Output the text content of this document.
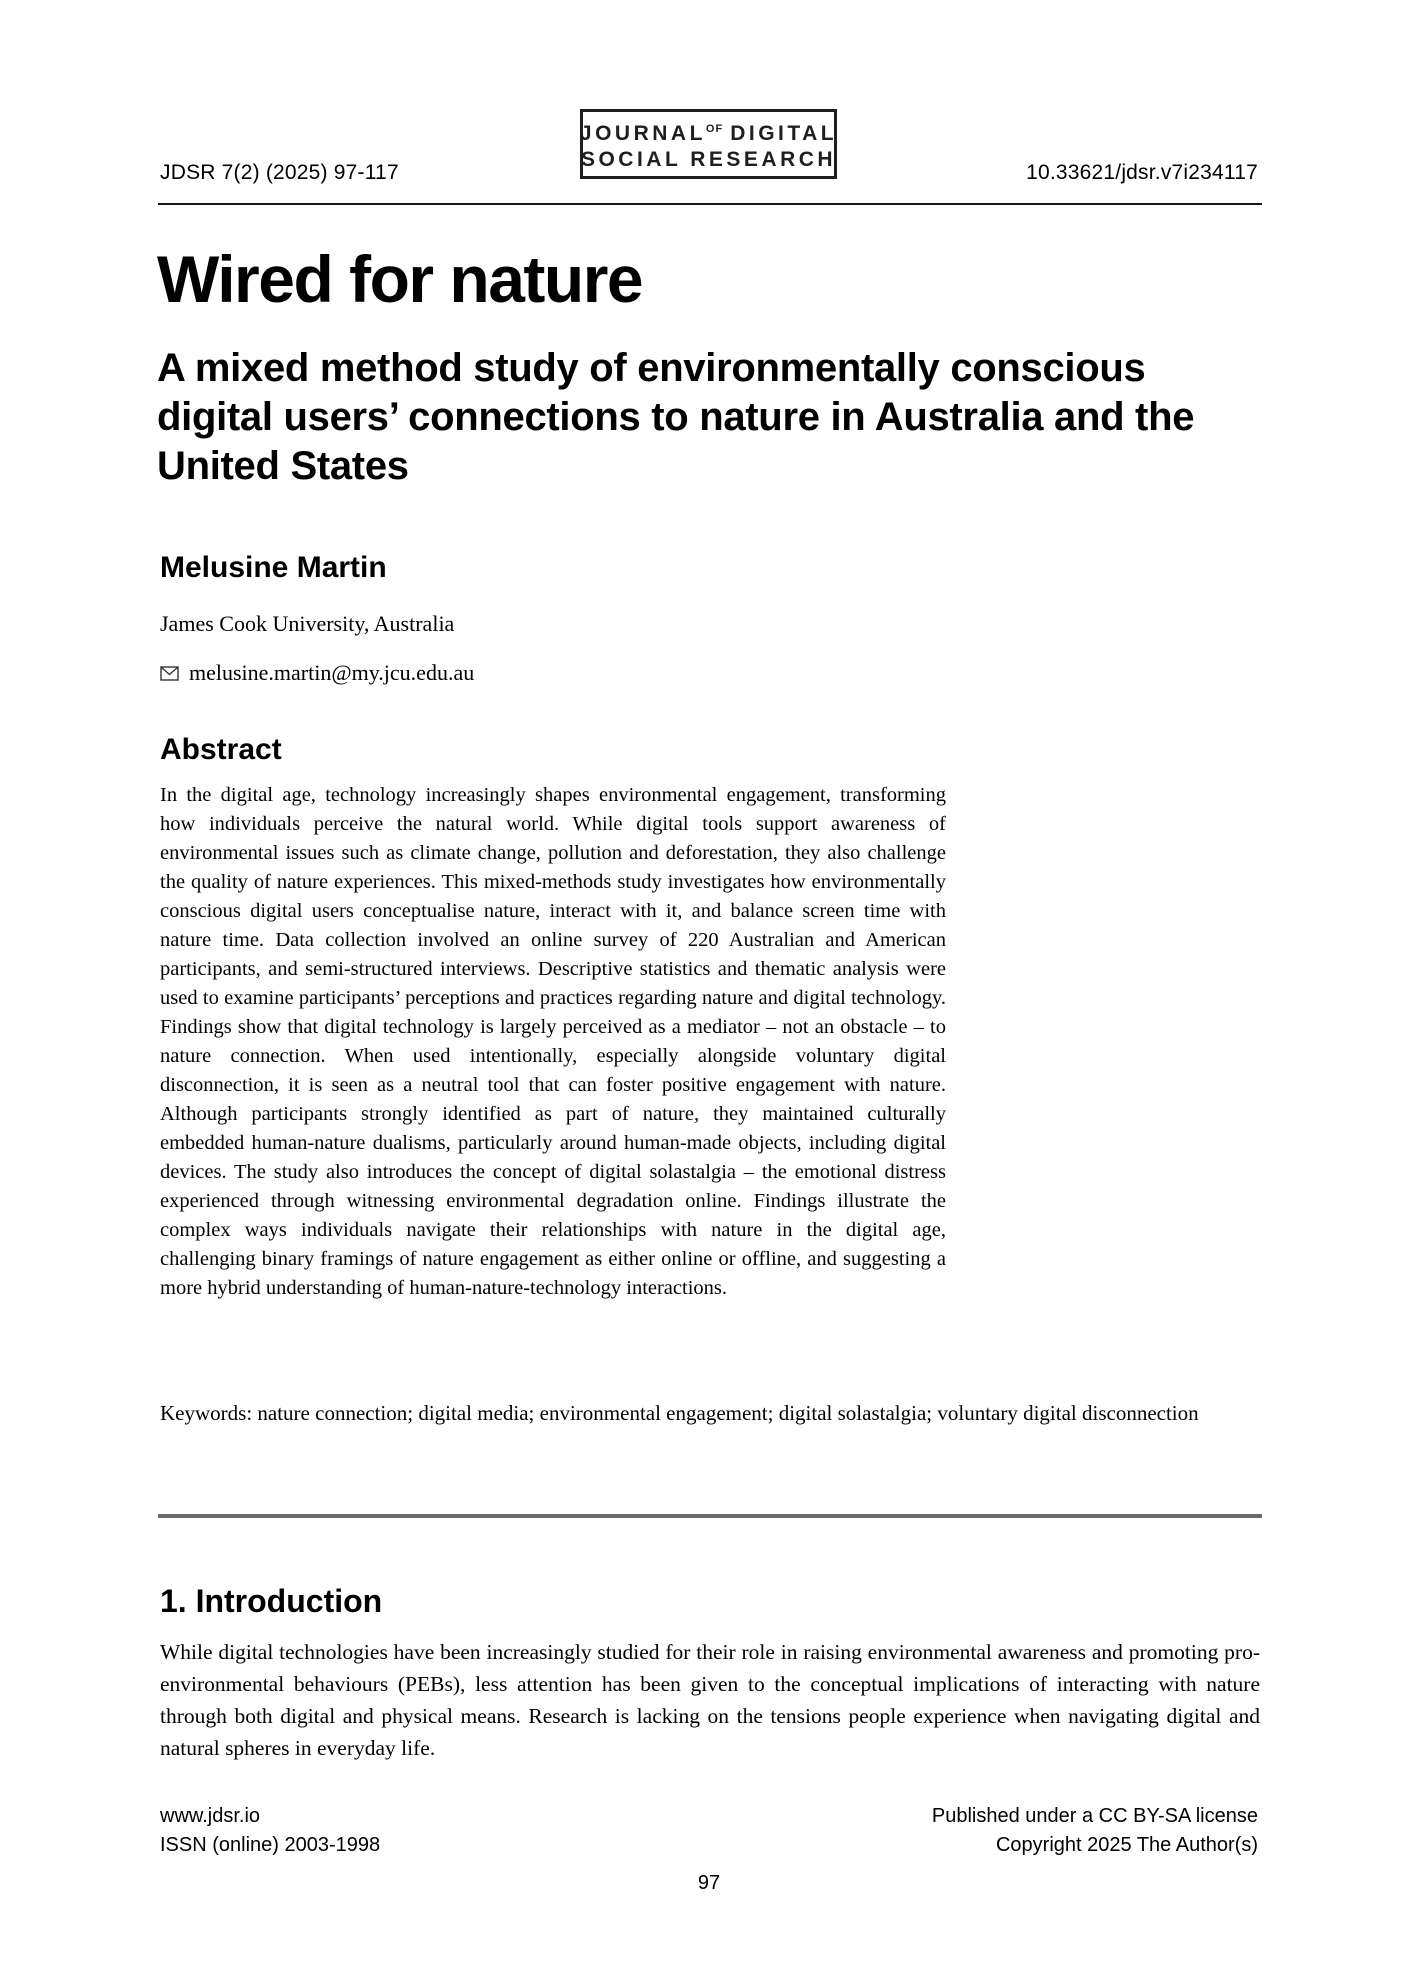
JDSR 7(2) (2025) 97-117
$JOURNAL^{OF}$ DIGITAL
SOCIAL RESEARCH
10.33621/jdsr.v7i234117
Wired for nature
A mixed method study of environmentally conscious digital users’ connections to nature in Australia and the United States
Melusine Martin
James Cook University, Australia
melusine.martin@my.jcu.edu.au
Abstract

In the digital age, technology increasingly shapes environmental engagement, transforming how individuals perceive the natural world. While digital tools support awareness of environmental issues such as climate change, pollution and deforestation, they also challenge the quality of nature experiences. This mixed-methods study investigates how environmentally conscious digital users conceptualise nature, interact with it, and balance screen time with nature time. Data collection involved an online survey of 220 Australian and American participants, and semi-structured interviews. Descriptive statistics and thematic analysis were used to examine participants’ perceptions and practices regarding nature and digital technology. Findings show that digital technology is largely perceived as a mediator – not an obstacle – to nature connection. When used intentionally, especially alongside voluntary digital disconnection, it is seen as a neutral tool that can foster positive engagement with nature. Although participants strongly identified as part of nature, they maintained culturally embedded human-nature dualisms, particularly around human-made objects, including digital devices. The study also introduces the concept of digital solastalgia – the emotional distress experienced through witnessing environmental degradation online. Findings illustrate the complex ways individuals navigate their relationships with nature in the digital age, challenging binary framings of nature engagement as either online or offline, and suggesting a more hybrid understanding of human-nature-technology interactions.

Keywords: nature connection; digital media; environmental engagement; digital solastalgia; voluntary digital disconnection

1. Introduction

While digital technologies have been increasingly studied for their role in raising environmental awareness and promoting pro-environmental behaviours (PEBs), less attention has been given to the conceptual implications of interacting with nature through both digital and physical means. Research is lacking on the tensions people experience when navigating digital and natural spheres in everyday life.

www.jdsr.io
ISSN (online) 2003-1998
Published under a CC BY-SA license
Copyright 2025 The Author(s)
97
